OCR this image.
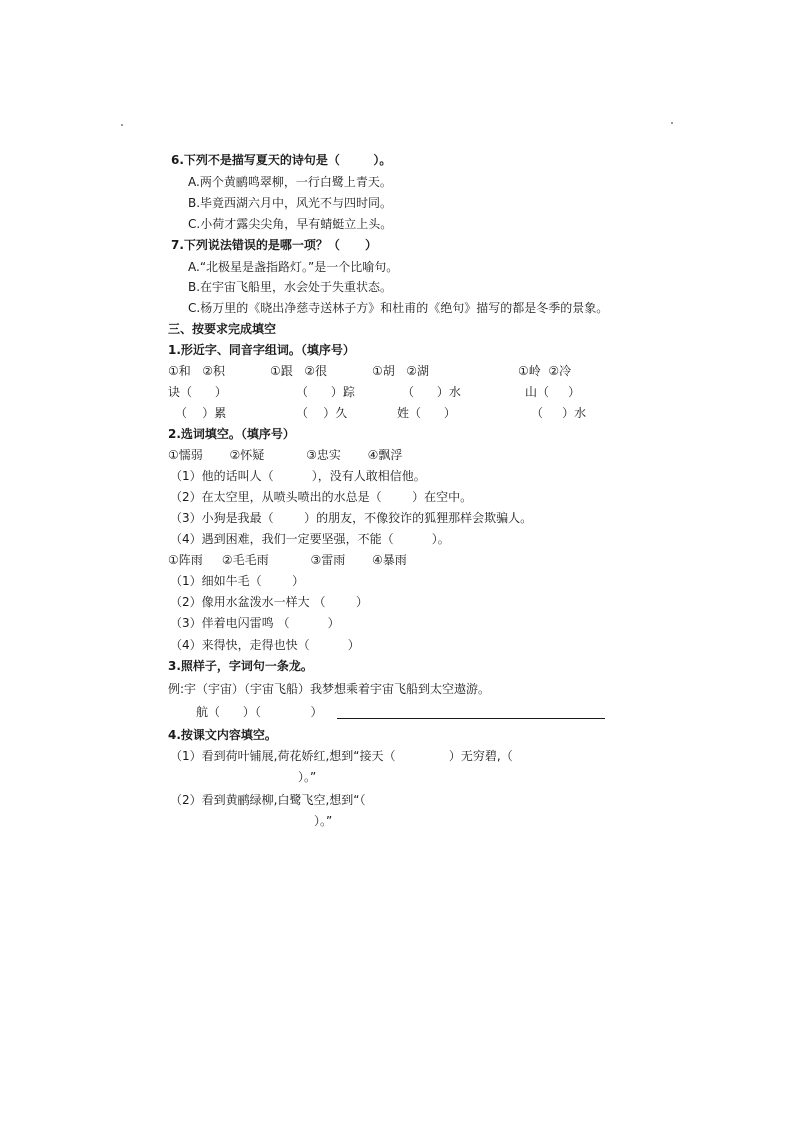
6.下列不是描写夏天的诗句是（        ）。
A.两个黄鹂鸣翠柳，一行白鹭上青天。
B.毕竟西湖六月中，风光不与四时同。
C.小荷才露尖尖角，早有蜻蜓立上头。
7.下列说法错误的是哪一项？（      ）
A.“北极星是盏指路灯。”是一个比喻句。
B.在宇宙飞船里，水会处于失重状态。
C.杨万里的《晓出净慈寺送林子方》和杜甫的《绝句》描写的都是冬季的景象。
三、按要求完成填空
1.形近字、同音字组词。（填序号）
①和   ②积	①跟   ②很	①胡   ②湖	①岭  ②冷
诀（      ）	（      ）踪	（      ）水	山（     ）
（    ）累	（    ）久	姓（      ）	（     ）水
2.选词填空。（填序号）
①懦弱       ②怀疑           ③忠实       ④飘浮
（1）他的话叫人（          ），没有人敢相信他。
（2）在太空里，从喷头喷出的水总是（        ）在空中。
（3）小狗是我最（        ）的朋友，不像狡诈的狐狸那样会欺骗人。
（4）遇到困难，我们一定要坚强，不能（          ）。
①阵雨     ②毛毛雨           ③雷雨       ④暴雨
（1）细如牛毛（        ）
（2）像用水盆泼水一样大 （        ）
（3）伴着电闪雷鸣 （          ）
（4）来得快，走得也快（          ）
3.照样子，字词句一条龙。
例:宇（宇宙）（宇宙飞船）我梦想乘着宇宙飞船到太空遨游。
航（      ）（             ）
4.按课文内容填空。
（1）看到荷叶铺展,荷花娇红,想到“接天（              ）无穷碧,（
）。”
（2）看到黄鹂绿柳,白鹭飞空,想到“（
）。”
